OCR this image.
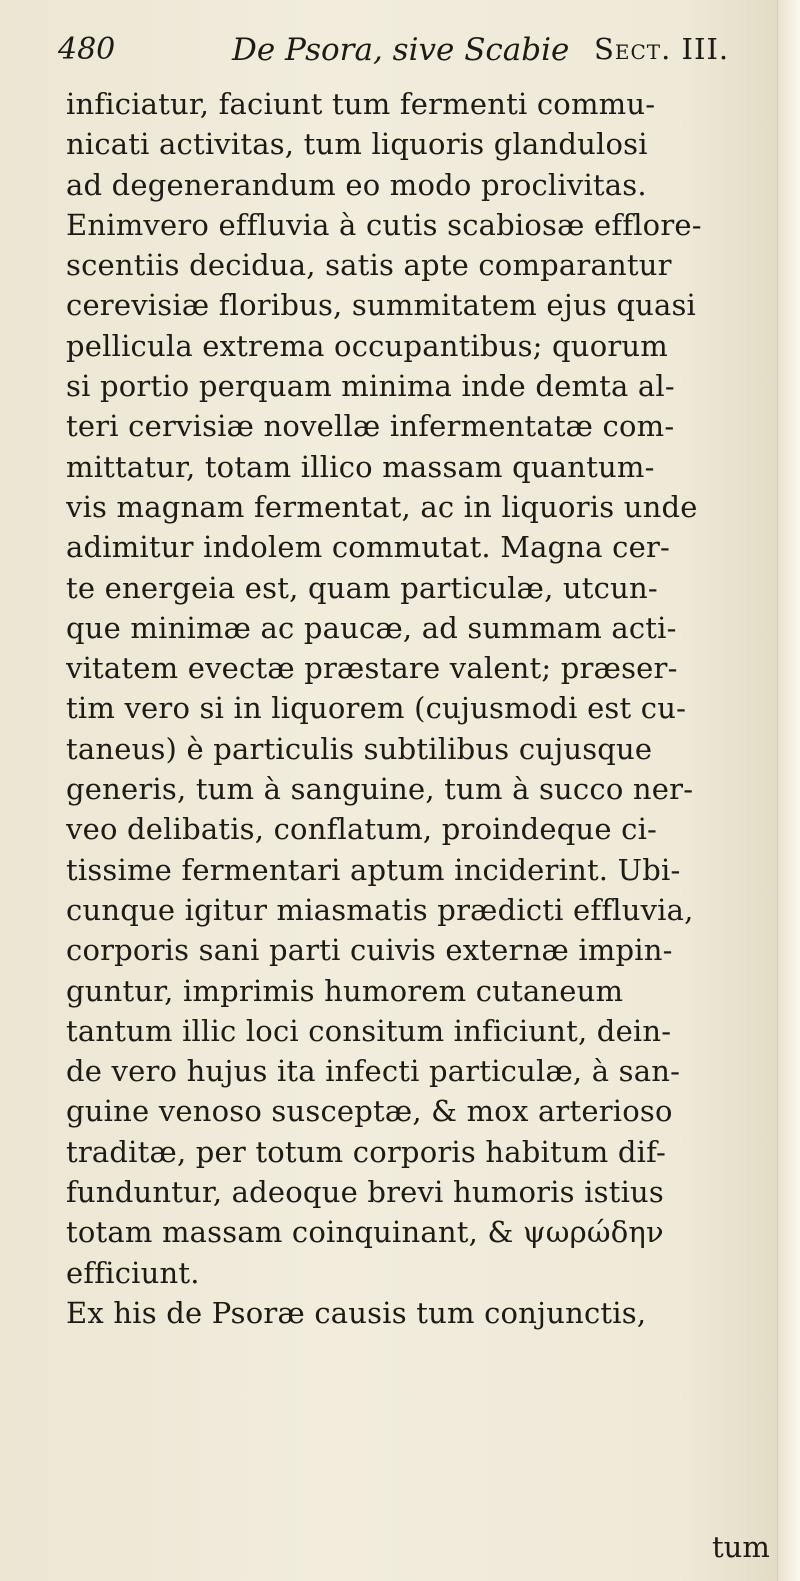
480	De Psora, sive Scabie Sect. III.
inficiatur, faciunt tum fermenti commu-
nicati activitas, tum liquoris glandulosi
ad degenerandum eo modo proclivitas.
Enimvero effluvia à cutis scabiosæ efflore-
scentiis decidua, satis apte comparantur
cerevisiæ floribus, summitatem ejus quasi
pellicula extrema occupantibus; quorum
si portio perquam minima inde demta al-
teri cervisiæ novellæ infermentatæ com-
mittatur, totam illico massam quantum-
vis magnam fermentat, ac in liquoris unde
adimitur indolem commutat. Magna cer-
te energeia est, quam particulæ, utcun-
que minimæ ac paucæ, ad summam acti-
vitatem evectæ præstare valent; præser-
tim vero si in liquorem (cujusmodi est cu-
taneus) è particulis subtilibus cujusque
generis, tum à sanguine, tum à succo ner-
veo delibatis, conflatum, proindeque ci-
tissime fermentari aptum inciderint. Ubi-
cunque igitur miasmatis prædicti effluvia,
corporis sani parti cuivis externæ impin-
guntur, imprimis humorem cutaneum
tantum illic loci consitum inficiunt, dein-
de vero hujus ita infecti particulæ, à san-
guine venoso susceptæ, & mox arterioso
traditæ, per totum corporis habitum dif-
funduntur, adeoque brevi humoris istius
totam massam coinquinant, & ψωρώδην
efficiunt.
Ex his de Psoræ causis tum conjunctis,
tum
